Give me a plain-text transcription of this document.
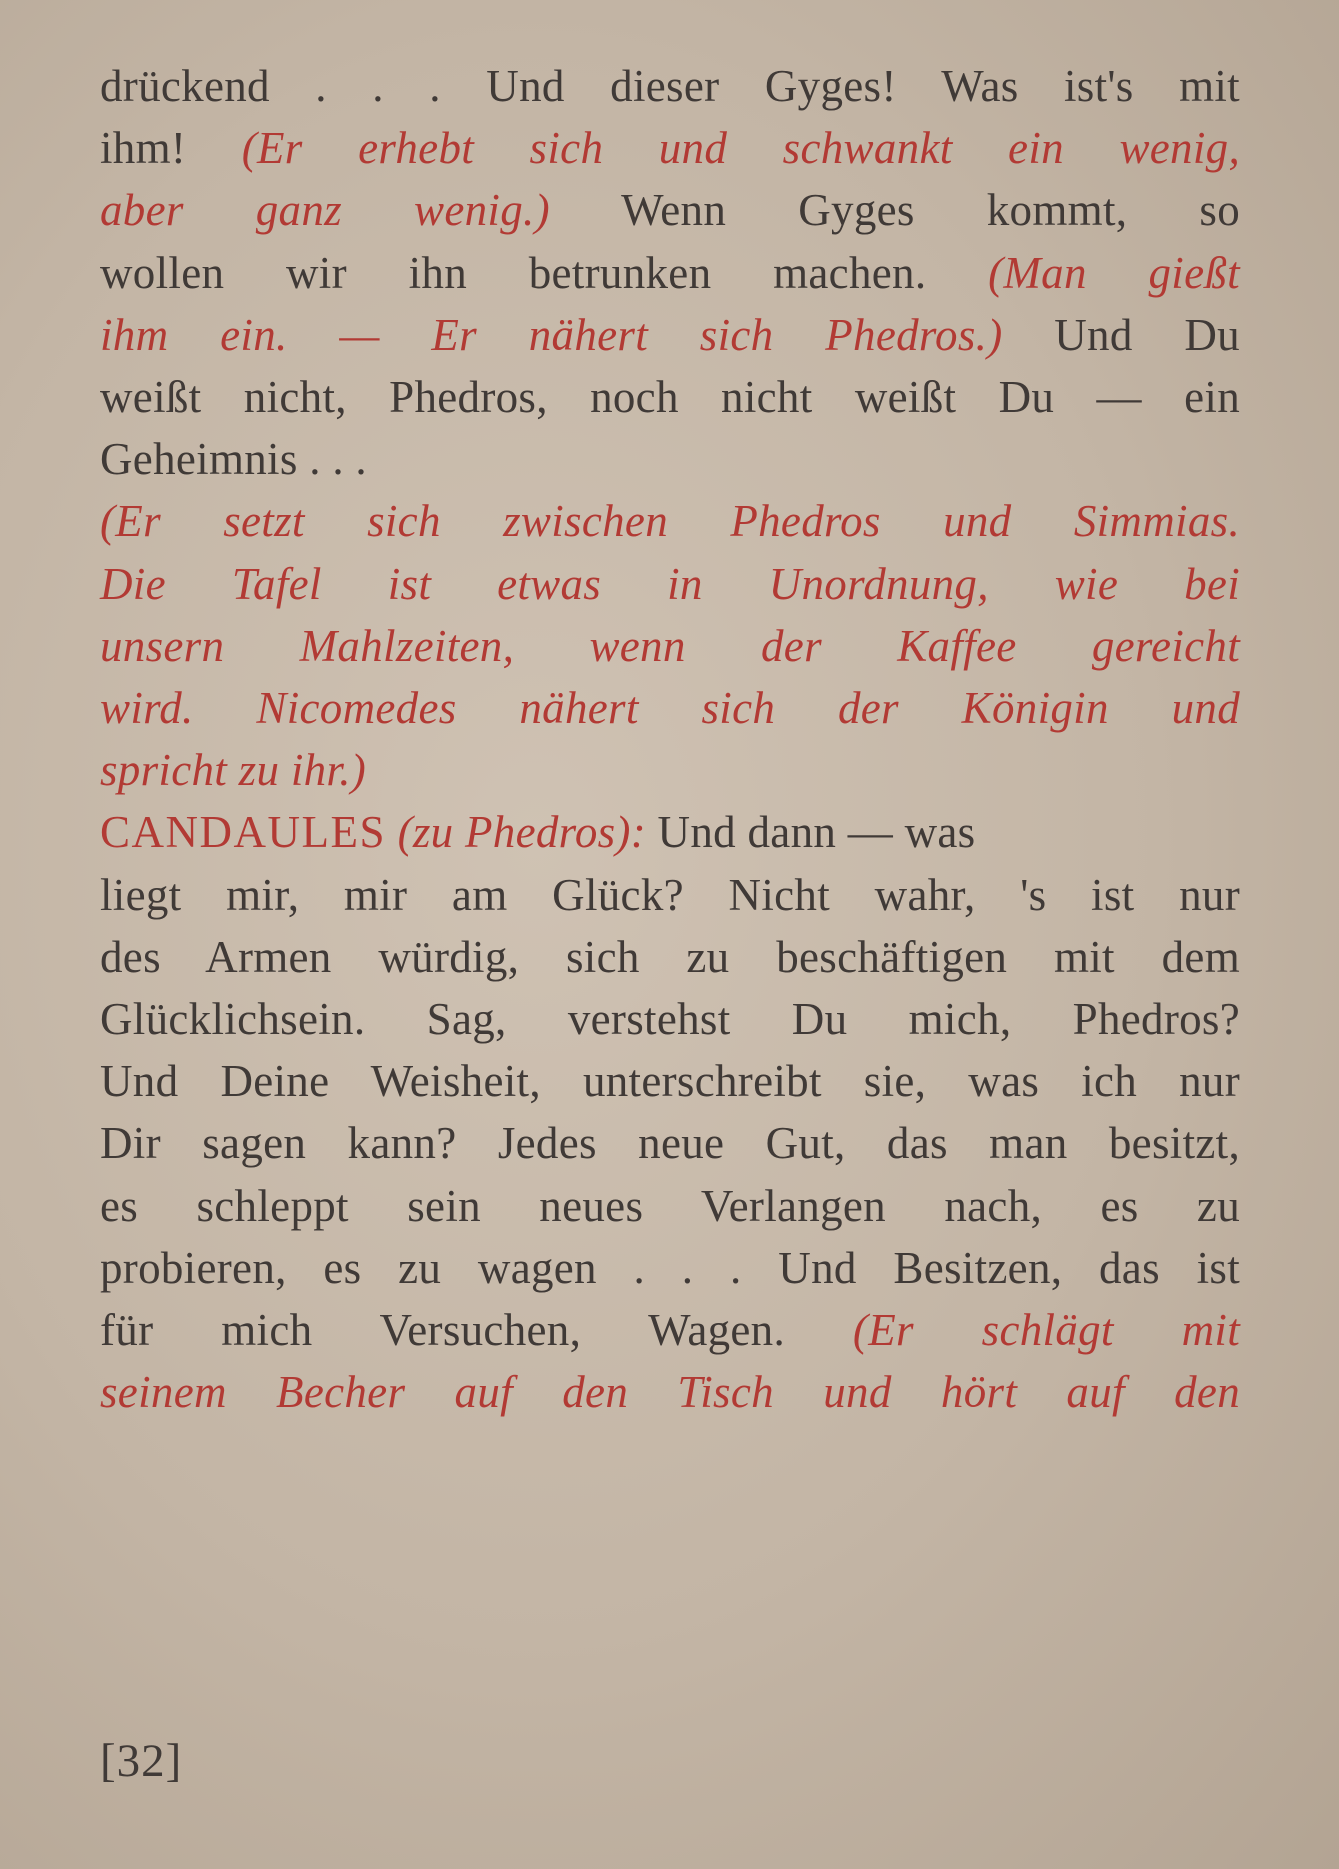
drückend . . . Und dieser Gyges! Was ist's mit
ihm! (Er erhebt sich und schwankt ein wenig,
aber ganz wenig.) Wenn Gyges kommt, so
wollen wir ihn betrunken machen. (Man gießt
ihm ein. — Er nähert sich Phedros.) Und Du
weißt nicht, Phedros, noch nicht weißt Du — ein
Geheimnis . . .
(Er setzt sich zwischen Phedros und Simmias.
Die Tafel ist etwas in Unordnung, wie bei
unsern Mahlzeiten, wenn der Kaffee gereicht
wird. Nicomedes nähert sich der Königin und
spricht zu ihr.)
CANDAULES (zu Phedros): Und dann — was
liegt mir, mir am Glück? Nicht wahr, 's ist nur
des Armen würdig, sich zu beschäftigen mit dem
Glücklichsein. Sag, verstehst Du mich, Phedros?
Und Deine Weisheit, unterschreibt sie, was ich nur
Dir sagen kann? Jedes neue Gut, das man besitzt,
es schleppt sein neues Verlangen nach, es zu
probieren, es zu wagen . . . Und Besitzen, das ist
für mich Versuchen, Wagen. (Er schlägt mit
seinem Becher auf den Tisch und hört auf den
[32]
